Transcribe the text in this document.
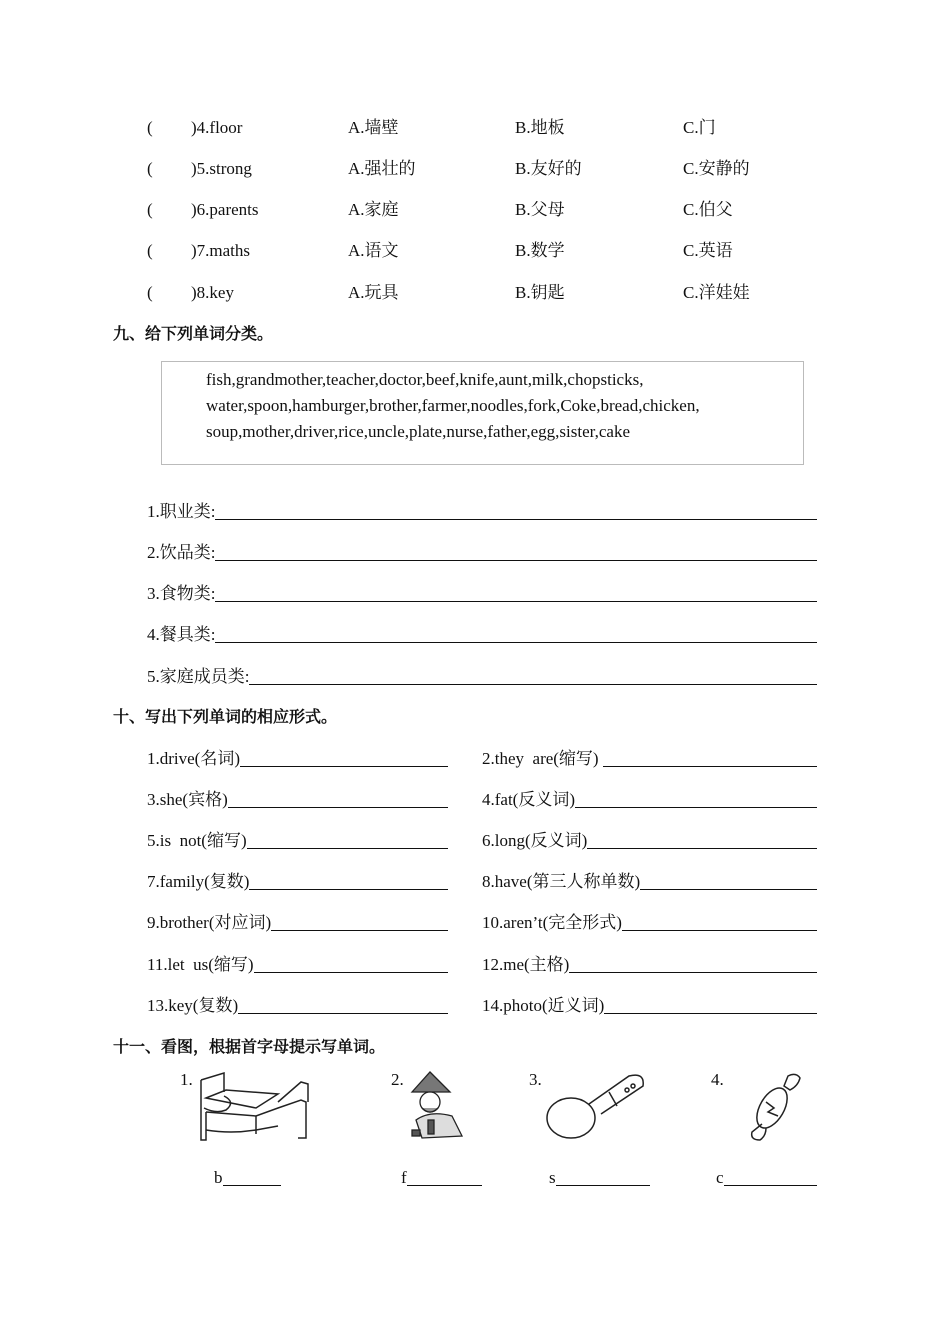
( )4.floor	A.墙壁	B.地板	C.门
( )5.strong	A.强壮的	B.友好的	C.安静的
( )6.parents	A.家庭	B.父母	C.伯父
( )7.maths	A.语文	B.数学	C.英语
( )8.key	A.玩具	B.钥匙	C.洋娃娃
九、给下列单词分类。
fish,grandmother,teacher,doctor,beef,knife,aunt,milk,chopsticks,
water,spoon,hamburger,brother,farmer,noodles,fork,Coke,bread,chicken,
soup,mother,driver,rice,uncle,plate,nurse,father,egg,sister,cake
1.职业类:
2.饮品类:
3.食物类:
4.餐具类:
5.家庭成员类:
十、写出下列单词的相应形式。
1.drive(名词)	2.they  are(缩写)
3.she(宾格)	4.fat(反义词)
5.is  not(缩写)	6.long(反义词)
7.family(复数)	8.have(第三人称单数)
9.brother(对应词)	10.aren’t(完全形式)
11.let  us(缩写)	12.me(主格)
13.key(复数)	14.photo(近义词)
十一、看图，根据首字母提示写单词。
1.	2.	3.	4.
b	f	s	c
